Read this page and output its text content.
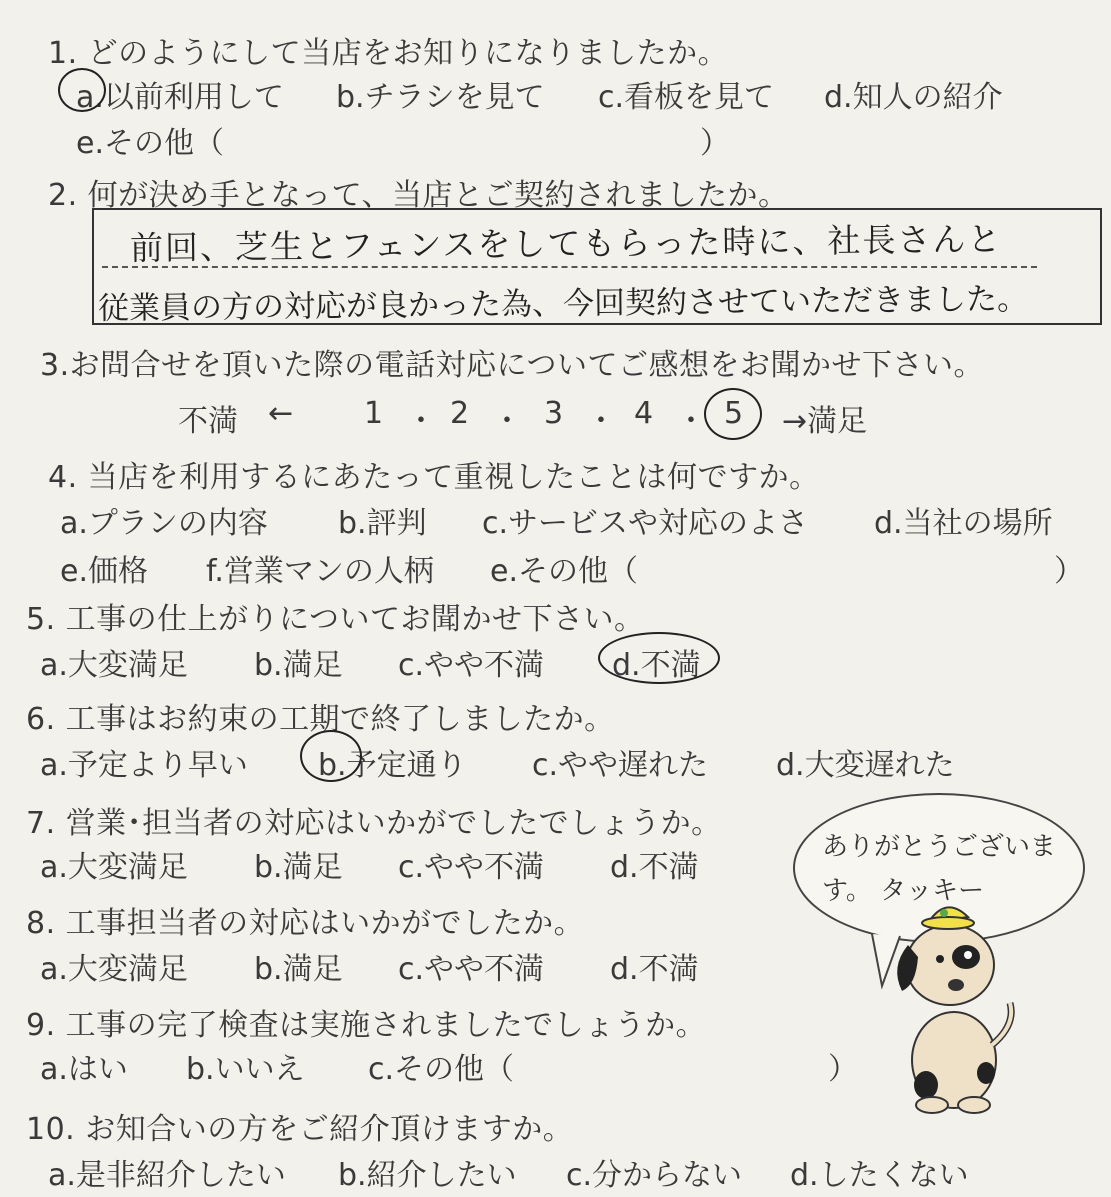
1. どのようにして当店をお知りになりましたか。
a.以前利用して b.チラシを見て c.看板を見て d.知人の紹介
e.その他（	）
2. 何が決め手となって、当店とご契約されましたか。
前回、芝生とフェンスをしてもらった時に、社長さんと
従業員の方の対応が良かった為、今回契約させていただきました。
3.お問合せを頂いた際の電話対応についてご感想をお聞かせ下さい。
不満 ← 1 ・ 2 ・ 3 ・ 4 ・ 5 →満足
4. 当店を利用するにあたって重視したことは何ですか。
a.プランの内容 b.評判 c.サービスや対応のよさ d.当社の場所
e.価格 f.営業マンの人柄 e.その他（	）
5. 工事の仕上がりについてお聞かせ下さい。
a.大変満足 b.満足 c.やや不満 d.不満
6. 工事はお約束の工期で終了しましたか。
a.予定より早い b.予定通り c.やや遅れた d.大変遅れた
7. 営業･担当者の対応はいかがでしたでしょうか。
a.大変満足 b.満足 c.やや不満 d.不満
8. 工事担当者の対応はいかがでしたか。
a.大変満足 b.満足 c.やや不満 d.不満
9. 工事の完了検査は実施されましたでしょうか。
a.はい b.いいえ c.その他（	）
10. お知合いの方をご紹介頂けますか。
a.是非紹介したい b.紹介したい c.分からない d.したくない
ありがとうございま
す。 タッキー
